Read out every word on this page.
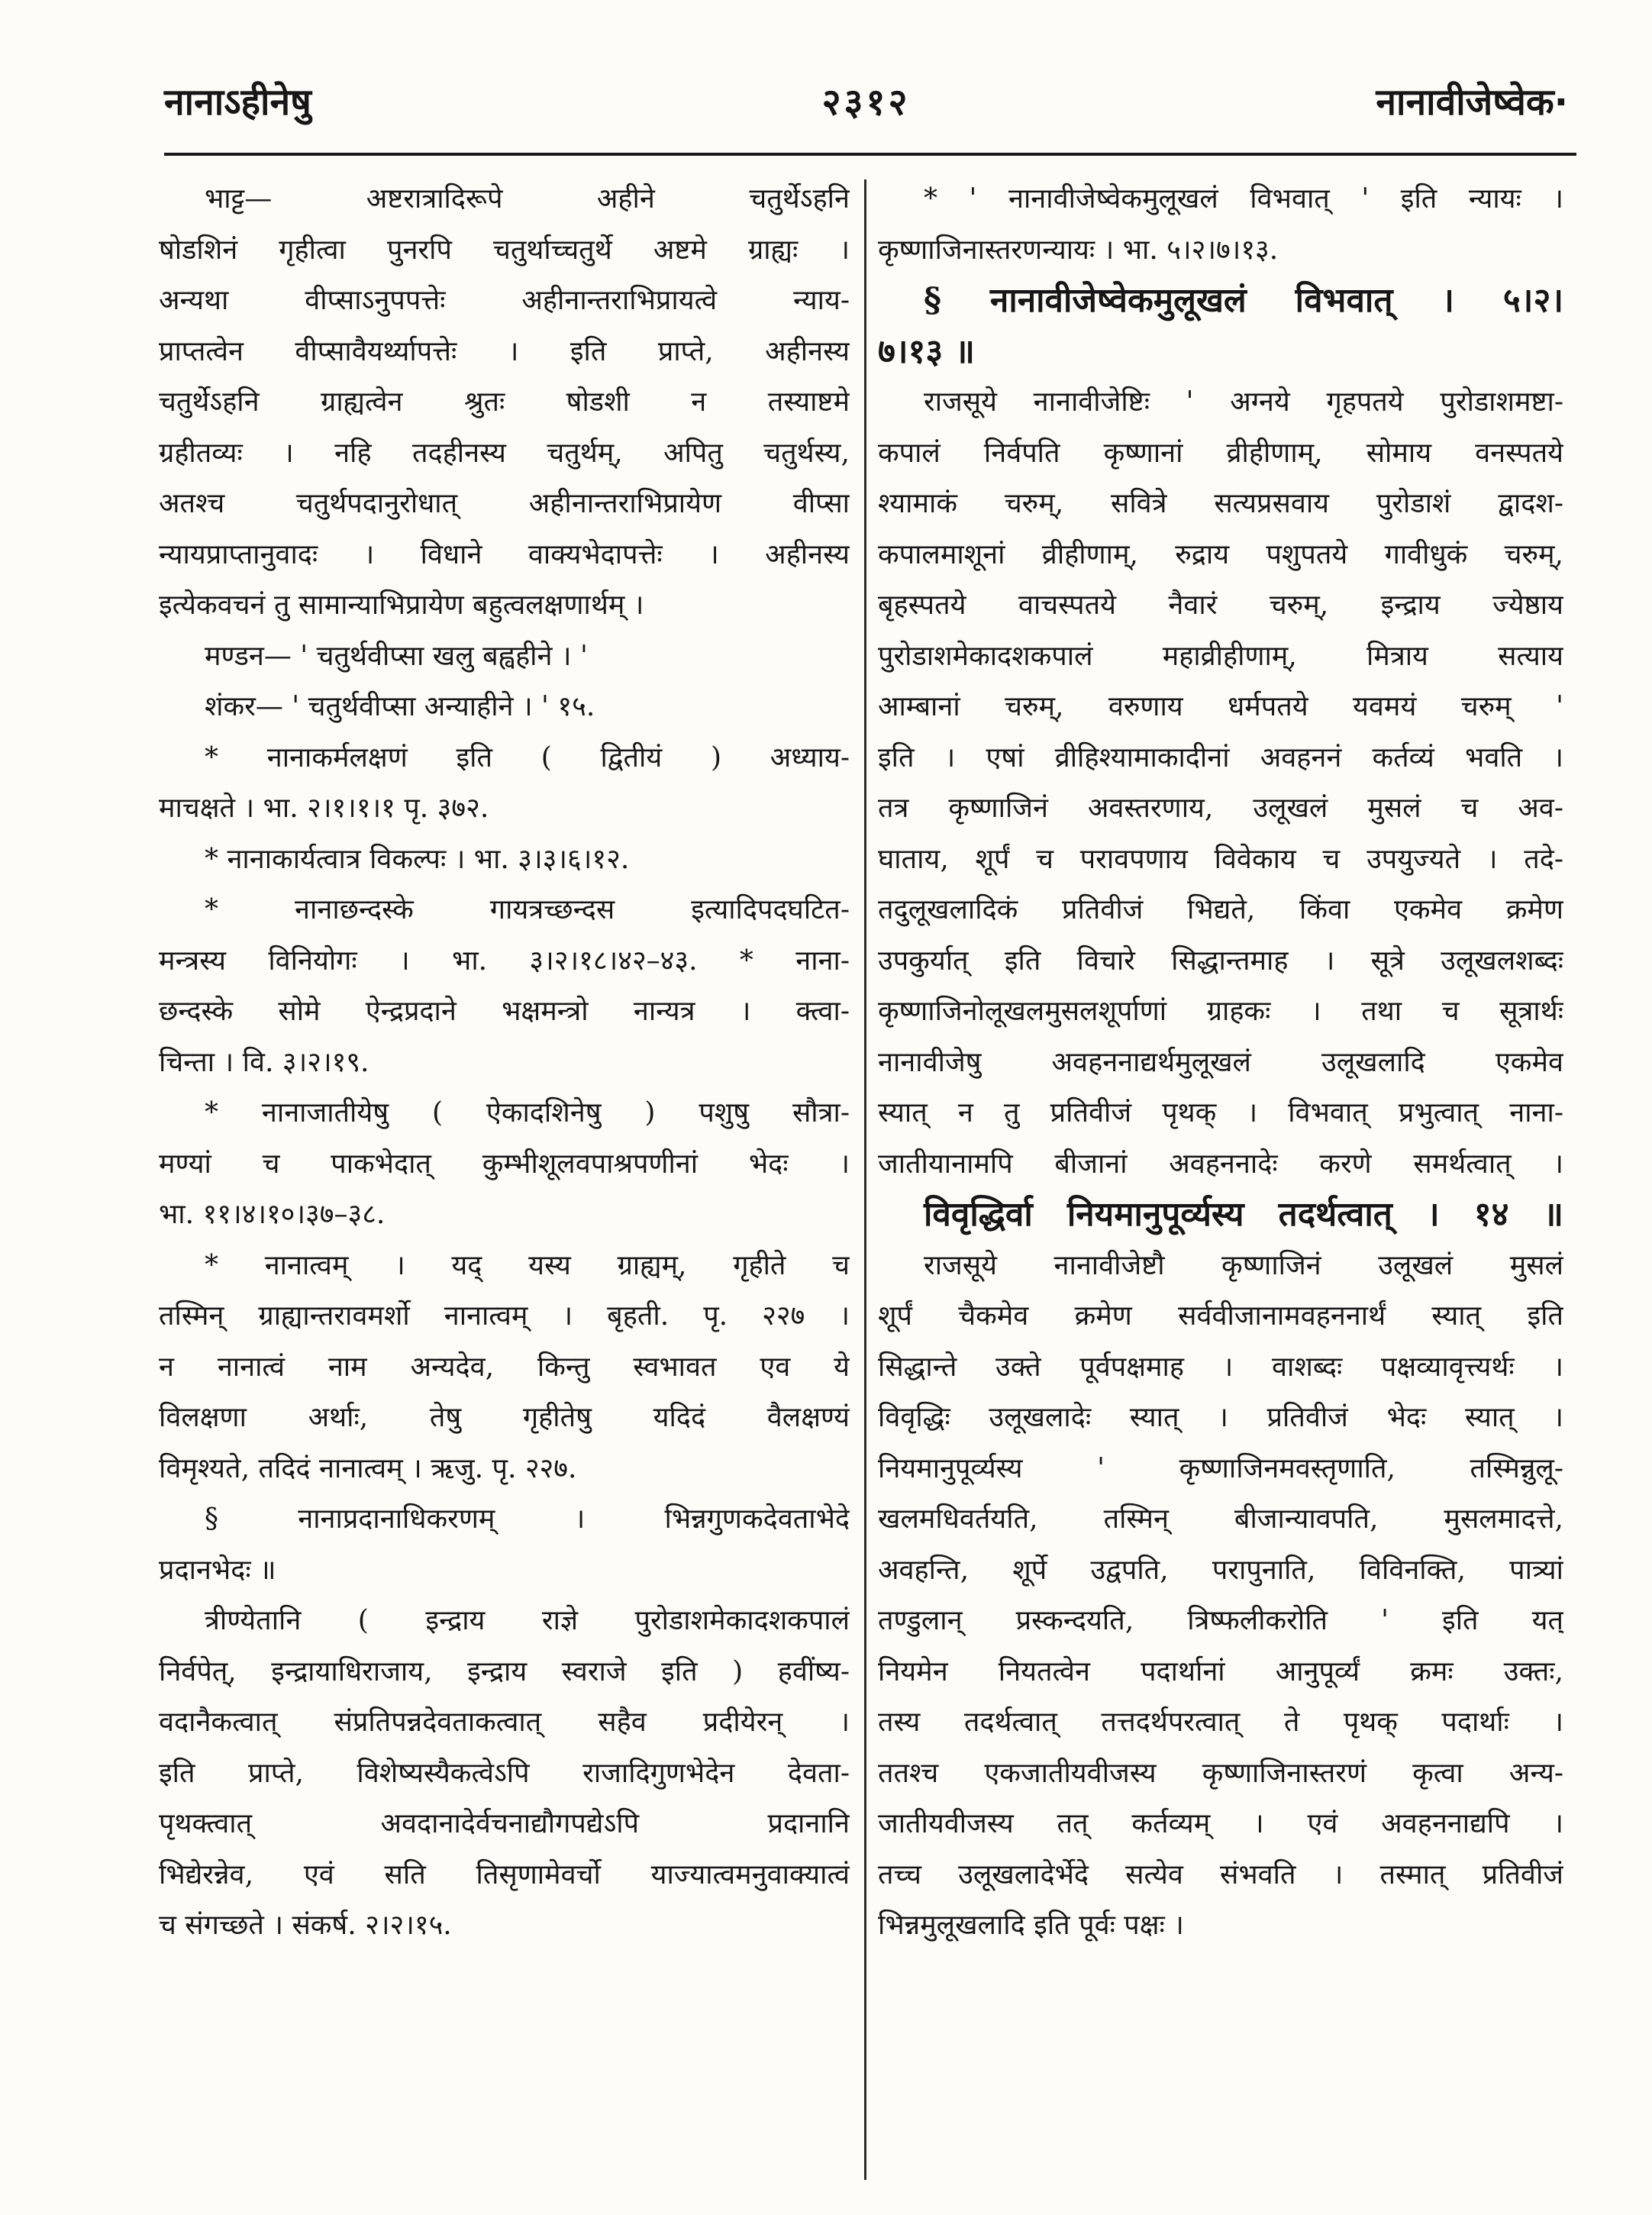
नानाऽहीनेषु	२३१२	नानावीजेष्वेक·
भाट्ट— अष्टरात्रादिरूपे अहीने चतुर्थेऽहनि
षोडशिनं गृहीत्वा पुनरपि चतुर्थाच्चतुर्थे अष्टमे ग्राह्यः ।
अन्यथा वीप्साऽनुपपत्तेः अहीनान्तराभिप्रायत्वे न्याय-
प्राप्तत्वेन वीप्सावैयर्थ्यापत्तेः । इति प्राप्ते, अहीनस्य
चतुर्थेऽहनि ग्राह्यत्वेन श्रुतः षोडशी न तस्याष्टमे
ग्रहीतव्यः । नहि तदहीनस्य चतुर्थम्, अपितु चतुर्थस्य,
अतश्च चतुर्थपदानुरोधात् अहीनान्तराभिप्रायेण वीप्सा
न्यायप्राप्तानुवादः । विधाने वाक्यभेदापत्तेः । अहीनस्य
इत्येकवचनं तु सामान्याभिप्रायेण बहुत्वलक्षणार्थम् ।
मण्डन— ' चतुर्थवीप्सा खलु बह्वहीने । '
शंकर— ' चतुर्थवीप्सा अन्याहीने । ' १५.
* नानाकर्मलक्षणं इति ( द्वितीयं ) अध्याय-
माचक्षते । भा. २।१।१।१ पृ. ३७२.
* नानाकार्यत्वात्र विकल्पः । भा. ३।३।६।१२.
* नानाछन्दस्के गायत्रच्छन्दस इत्यादिपदघटित-
मन्त्रस्य विनियोगः । भा. ३।२।१८।४२–४३. * नाना-
छन्दस्के सोमे ऐन्द्रप्रदाने भक्षमन्त्रो नान्यत्र । क्त्वा-
चिन्ता । वि. ३।२।१९.
* नानाजातीयेषु ( ऐकादशिनेषु ) पशुषु सौत्रा-
मण्यां च पाकभेदात् कुम्भीशूलवपाश्रपणीनां भेदः ।
भा. ११।४।१०।३७–३८.
* नानात्वम् । यद् यस्य ग्राह्यम्, गृहीते च
तस्मिन् ग्राह्यान्तरावमर्शो नानात्वम् । बृहती. पृ. २२७ ।
न नानात्वं नाम अन्यदेव, किन्तु स्वभावत एव ये
विलक्षणा अर्थाः, तेषु गृहीतेषु यदिदं वैलक्षण्यं
विमृश्यते, तदिदं नानात्वम् । ऋजु. पृ. २२७.
§ नानाप्रदानाधिकरणम् । भिन्नगुणकदेवताभेदे
प्रदानभेदः ॥
त्रीण्येतानि ( इन्द्राय राज्ञे पुरोडाशमेकादशकपालं
निर्वपेत्, इन्द्रायाधिराजाय, इन्द्राय स्वराजे इति ) हवींष्य-
वदानैकत्वात् संप्रतिपन्नदेवताकत्वात् सहैव प्रदीयेरन् ।
इति प्राप्ते, विशेष्यस्यैकत्वेऽपि राजादिगुणभेदेन देवता-
पृथक्त्वात् अवदानादेर्वचनाद्यौगपद्येऽपि प्रदानानि
भिद्येरन्नेव, एवं सति तिसृणामेवर्चो याज्यात्वमनुवाक्यात्वं
च संगच्छते । संकर्ष. २।२।१५.
* ' नानावीजेष्वेकमुलूखलं विभवात् ' इति न्यायः ।
कृष्णाजिनास्तरणन्यायः । भा. ५।२।७।१३.
§ नानावीजेष्वेकमुलूखलं विभवात् । ५।२।
७।१३ ॥
राजसूये नानावीजेष्टिः ' अग्नये गृहपतये पुरोडाशमष्टा-
कपालं निर्वपति कृष्णानां व्रीहीणाम्, सोमाय वनस्पतये
श्यामाकं चरुम्, सवित्रे सत्यप्रसवाय पुरोडाशं द्वादश-
कपालमाशूनां व्रीहीणाम्, रुद्राय पशुपतये गावीधुकं चरुम्,
बृहस्पतये वाचस्पतये नैवारं चरुम्, इन्द्राय ज्येष्ठाय
पुरोडाशमेकादशकपालं महाव्रीहीणाम्, मित्राय सत्याय
आम्बानां चरुम्, वरुणाय धर्मपतये यवमयं चरुम् '
इति । एषां व्रीहिश्यामाकादीनां अवहननं कर्तव्यं भवति ।
तत्र कृष्णाजिनं अवस्तरणाय, उलूखलं मुसलं च अव-
घाताय, शूर्पं च परावपणाय विवेकाय च उपयुज्यते । तदे-
तदुलूखलादिकं प्रतिवीजं भिद्यते, किंवा एकमेव क्रमेण
उपकुर्यात् इति विचारे सिद्धान्तमाह । सूत्रे उलूखलशब्दः
कृष्णाजिनोलूखलमुसलशूर्पाणां ग्राहकः । तथा च सूत्रार्थः
नानावीजेषु अवहननाद्यर्थमुलूखलं उलूखलादि एकमेव
स्यात् न तु प्रतिवीजं पृथक् । विभवात् प्रभुत्वात् नाना-
जातीयानामपि बीजानां अवहननादेः करणे समर्थत्वात् ।
विवृद्धिर्वा नियमानुपूर्व्यस्य तदर्थत्वात् । १४ ॥
राजसूये नानावीजेष्टौ कृष्णाजिनं उलूखलं मुसलं
शूर्पं चैकमेव क्रमेण सर्ववीजानामवहननार्थं स्यात् इति
सिद्धान्ते उक्ते पूर्वपक्षमाह । वाशब्दः पक्षव्यावृत्त्यर्थः ।
विवृद्धिः उलूखलादेः स्यात् । प्रतिवीजं भेदः स्यात् ।
नियमानुपूर्व्यस्य ' कृष्णाजिनमवस्तृणाति, तस्मिन्नुलू-
खलमधिवर्तयति, तस्मिन् बीजान्यावपति, मुसलमादत्ते,
अवहन्ति, शूर्पे उद्वपति, परापुनाति, विविनक्ति, पात्र्यां
तण्डुलान् प्रस्कन्दयति, त्रिष्फलीकरोति ' इति यत्
नियमेन नियतत्वेन पदार्थानां आनुपूर्व्यं क्रमः उक्तः,
तस्य तदर्थत्वात् तत्तदर्थपरत्वात् ते पृथक् पदार्थाः ।
ततश्च एकजातीयवीजस्य कृष्णाजिनास्तरणं कृत्वा अन्य-
जातीयवीजस्य तत् कर्तव्यम् । एवं अवहननाद्यपि ।
तच्च उलूखलादेर्भेदे सत्येव संभवति । तस्मात् प्रतिवीजं
भिन्नमुलूखलादि इति पूर्वः पक्षः ।
